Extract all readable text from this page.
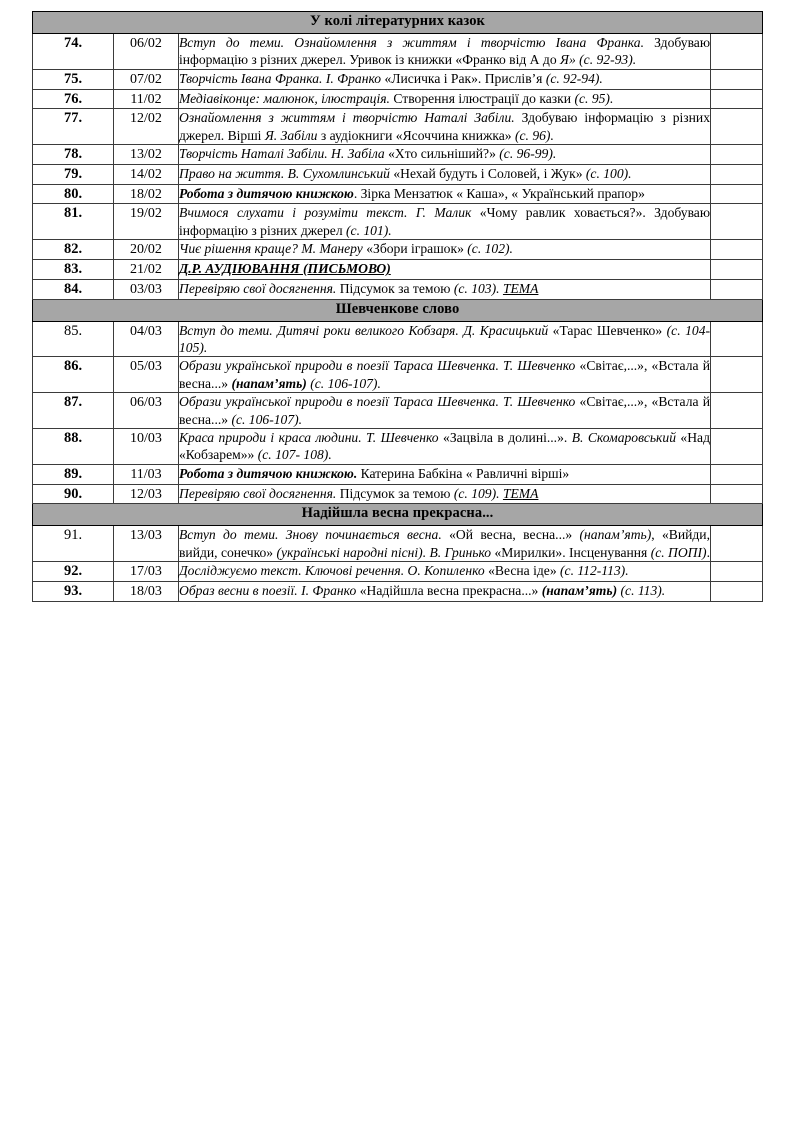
У колі літературних казок			

74.	06/02	Вступ до теми. Ознайомлення з життям і творчістю Івана Франка. Здобуваю інформацію з різних джерел. Уривок із книжки «Франко від А до Я» (с. 92-93).	

75.	07/02	Творчість Івана Франка. І. Франко «Лисичка і Рак». Прислів’я (с. 92-94).	

76.	11/02	Медіавіконце: малюнок, ілюстрація. Створення ілюстрації до казки (с. 95).	

77.	12/02	Ознайомлення з життям і творчістю Наталі Забіли. Здобуваю інформацію з різних джерел. Вірші Я. Забіли з аудіокниги «Ясоччина книжка» (с. 96).	

78.	13/02	Творчість Наталі Забіли. Н. Забіла «Хто сильніший?» (с. 96-99).	

79.	14/02	Право на життя. В. Сухомлинський «Нехай будуть і Соловей, і Жук» (с. 100).	

80.	18/02	Робота з дитячою книжкою. Зірка Мензатюк « Каша», « Український прапор»	

81.	19/02	Вчимося слухати і розуміти текст. Г. Малик «Чому равлик ховається?». Здобуваю інформацію з різних джерел (с. 101).	

82.	20/02	Чиє рішення краще? М. Манеру «Збори іграшок» (с. 102).	

83.	21/02	Д.Р. АУДІЮВАННЯ (ПИСЬМОВО)	

84.	03/03	Перевіряю свої досягнення. Підсумок за темою (с. 103). ТЕМА	

Шевченкове слово			

85.	04/03	Вступ до теми. Дитячі роки великого Кобзаря. Д. Красицький «Тарас Шевченко» (с. 104-105).	

86.	05/03	Образи української природи в поезії Тараса Шевченка. Т. Шевченко «Світає,...», «Встала й весна...» (напам’ять) (с. 106-107).	

87.	06/03	Образи української природи в поезії Тараса Шевченка. Т. Шевченко «Світає,...», «Встала й весна...» (с. 106-107).	

88.	10/03	Краса природи і краса людини. Т. Шевченко «Зацвіла в долині...». В. Скомаровський «Над «Кобзарем»» (с. 107- 108).	

89.	11/03	Робота з дитячою книжкою. Катерина Бабкіна « Равличні вірші»	

90.	12/03	Перевіряю свої досягнення. Підсумок за темою (с. 109). ТЕМА	

Надійшла весна прекрасна...			

91.	13/03	Вступ до теми. Знову починається весна. «Ой весна, весна...» (напам’ять), «Вийди, вийди, сонечко» (українські народні пісні). В. Гринько «Мирилки». Інсценування (с. ПОПІ).	

92.	17/03	Досліджуємо текст. Ключові речення. О. Копиленко «Весна іде» (с. 112-113).	

93.	18/03	Образ весни в поезії. І. Франко «Надійшла весна прекрасна...» (напам’ять) (с. 113).	
